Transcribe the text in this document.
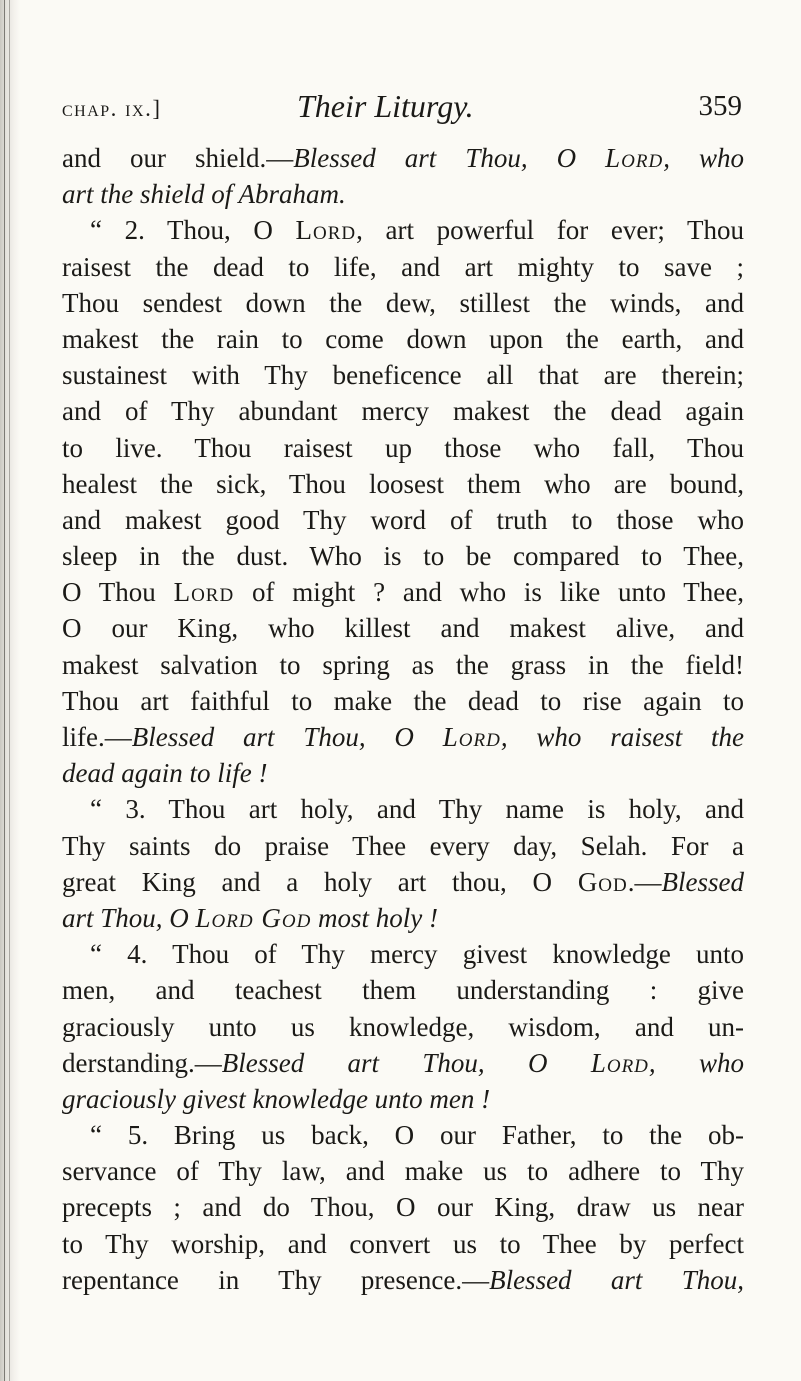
chap. ix.]	Their Liturgy.	359
and our shield.—Blessed art Thou, O Lord, who
art the shield of Abraham.
“ 2. Thou, O Lord, art powerful for ever; Thou
raisest the dead to life, and art mighty to save ;
Thou sendest down the dew, stillest the winds, and
makest the rain to come down upon the earth, and
sustainest with Thy beneficence all that are therein;
and of Thy abundant mercy makest the dead again
to live. Thou raisest up those who fall, Thou
healest the sick, Thou loosest them who are bound,
and makest good Thy word of truth to those who
sleep in the dust. Who is to be compared to Thee,
O Thou Lord of might ? and who is like unto Thee,
O our King, who killest and makest alive, and
makest salvation to spring as the grass in the field!
Thou art faithful to make the dead to rise again to
life.—Blessed art Thou, O Lord, who raisest the
dead again to life !
“ 3. Thou art holy, and Thy name is holy, and
Thy saints do praise Thee every day, Selah. For a
great King and a holy art thou, O God.—Blessed
art Thou, O Lord God most holy !
“ 4. Thou of Thy mercy givest knowledge unto
men, and teachest them understanding : give
graciously unto us knowledge, wisdom, and un-
derstanding.—Blessed art Thou, O Lord, who
graciously givest knowledge unto men !
“ 5. Bring us back, O our Father, to the ob-
servance of Thy law, and make us to adhere to Thy
precepts ; and do Thou, O our King, draw us near
to Thy worship, and convert us to Thee by perfect
repentance in Thy presence.—Blessed art Thou,
